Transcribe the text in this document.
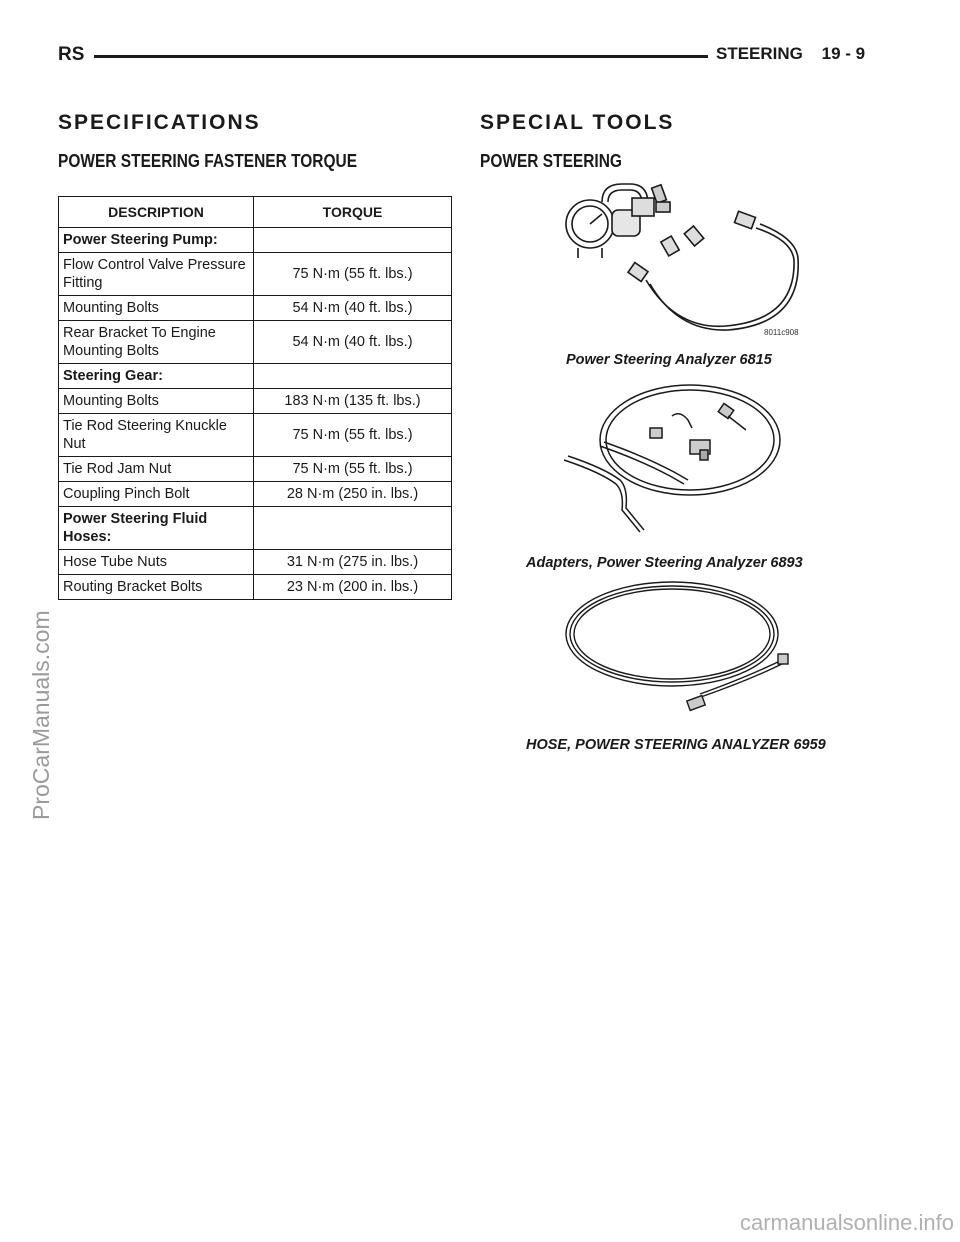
RS	STEERING 19 - 9
SPECIFICATIONS
POWER STEERING FASTENER TORQUE
DESCRIPTION	TORQUE
Power Steering Pump:	
Flow Control Valve Pressure Fitting	75 N·m (55 ft. lbs.)
Mounting Bolts	54 N·m (40 ft. lbs.)
Rear Bracket To Engine Mounting Bolts	54 N·m (40 ft. lbs.)
Steering Gear:	
Mounting Bolts	183 N·m (135 ft. lbs.)
Tie Rod Steering Knuckle Nut	75 N·m (55 ft. lbs.)
Tie Rod Jam Nut	75 N·m (55 ft. lbs.)
Coupling Pinch Bolt	28 N·m (250 in. lbs.)
Power Steering Fluid Hoses:	
Hose Tube Nuts	31 N·m (275 in. lbs.)
Routing Bracket Bolts	23 N·m (200 in. lbs.)
SPECIAL TOOLS
POWER STEERING
8011c908
Power Steering Analyzer 6815
Adapters, Power Steering Analyzer 6893
HOSE, POWER STEERING ANALYZER 6959
ProCarManuals.com
carmanualsonline.info
